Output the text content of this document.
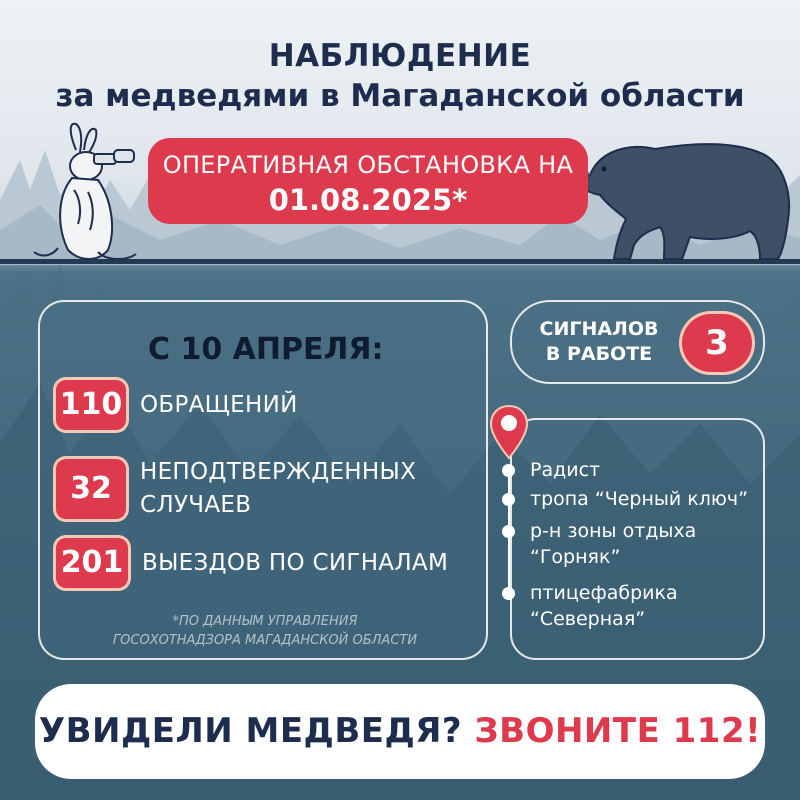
НАБЛЮДЕНИЕ
за медведями в Магаданской области
ОПЕРАТИВНАЯ ОБСТАНОВКА НА
01.08.2025*
С 10 АПРЕЛЯ:
110 ОБРАЩЕНИЙ
32	НЕПОДТВЕРЖДЕННЫХ
СЛУЧАЕВ
201 ВЫЕЗДОВ ПО СИГНАЛАМ
*ПО ДАННЫМ УПРАВЛЕНИЯ
ГОСОХОТНАДЗОРА МАГАДАНСКОЙ ОБЛАСТИ
СИГНАЛОВ
В РАБОТЕ	3
Радист
тропа “Черный ключ”
р-н зоны отдыха
“Горняк”
птицефабрика
“Северная”
УВИДЕЛИ МЕДВЕДЯ? ЗВОНИТЕ 112!
